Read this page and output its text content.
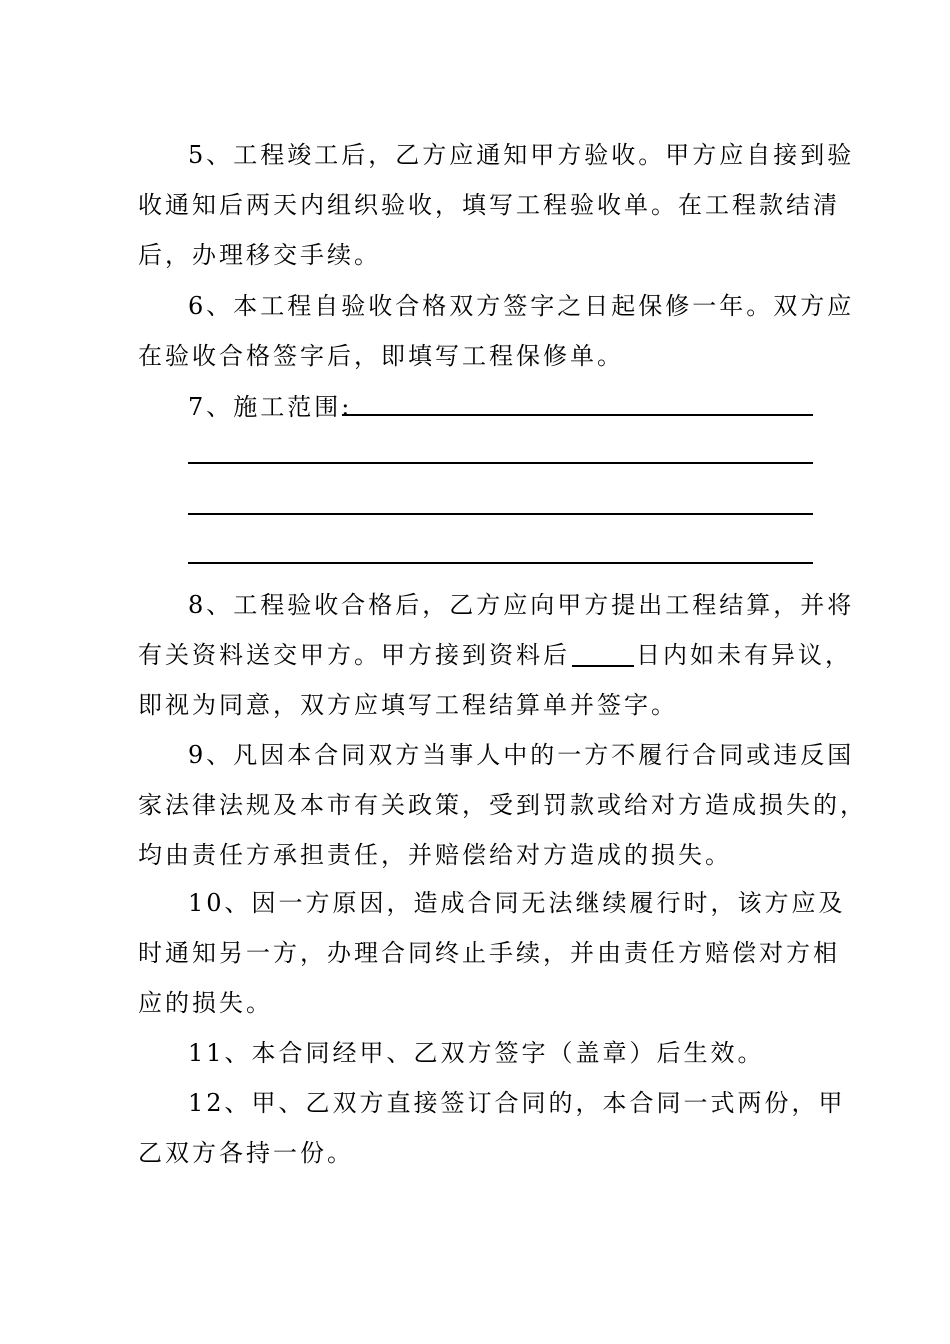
5、工程竣工后，乙方应通知甲方验收。甲方应自接到验
收通知后两天内组织验收，填写工程验收单。在工程款结清
后，办理移交手续。
6、本工程自验收合格双方签字之日起保修一年。双方应
在验收合格签字后，即填写工程保修单。
7、施工范围:
8、工程验收合格后，乙方应向甲方提出工程结算，并将
有关资料送交甲方。甲方接到资料后	日内如未有异议，
即视为同意，双方应填写工程结算单并签字。
9、凡因本合同双方当事人中的一方不履行合同或违反国
家法律法规及本市有关政策，受到罚款或给对方造成损失的，
均由责任方承担责任，并赔偿给对方造成的损失。
10、因一方原因，造成合同无法继续履行时，该方应及
时通知另一方，办理合同终止手续，并由责任方赔偿对方相
应的损失。
11、本合同经甲、乙双方签字（盖章）后生效。
12、甲、乙双方直接签订合同的，本合同一式两份，甲
乙双方各持一份。
